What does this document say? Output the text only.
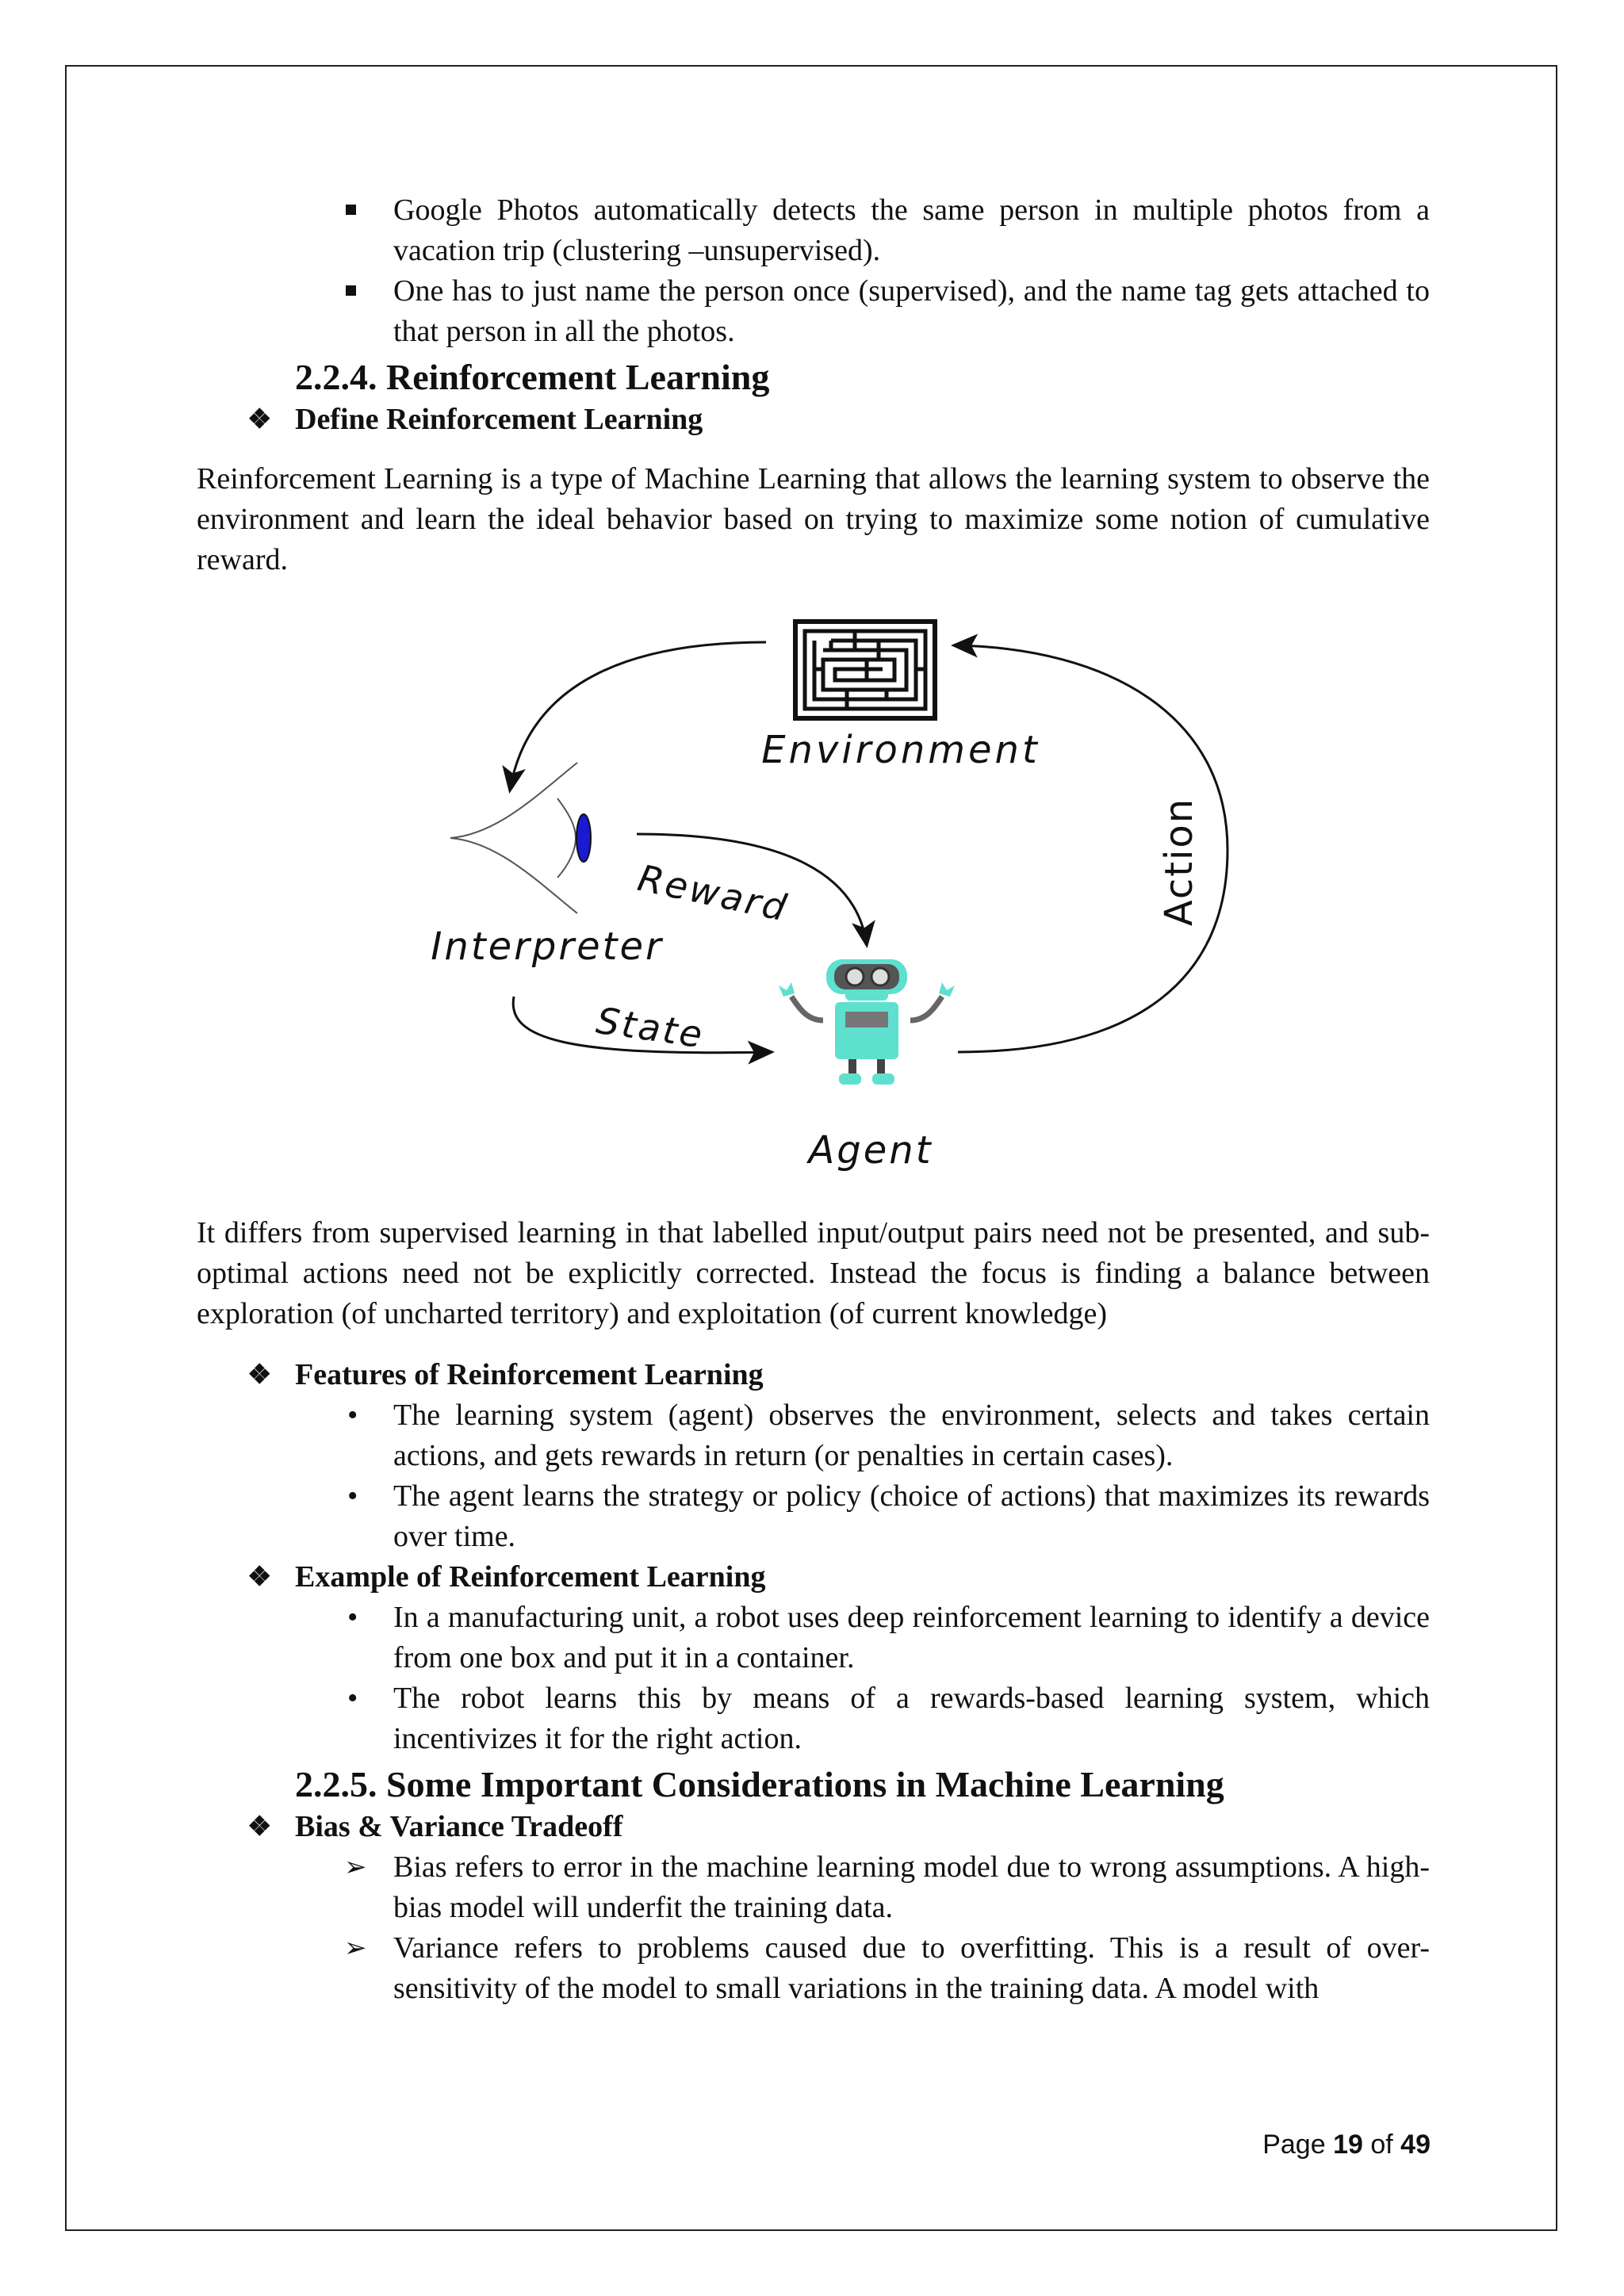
Google Photos automatically detects the same person in multiple photos from a vacation trip (clustering –unsupervised).
One has to just name the person once (supervised), and the name tag gets attached to that person in all the photos.
2.2.4. Reinforcement Learning
❖ Define Reinforcement Learning
Reinforcement Learning is a type of Machine Learning that allows the learning system to observe the environment and learn the ideal behavior based on trying to maximize some notion of cumulative reward.
Environment
Interpreter
Agent
Reward
State
Action
It differs from supervised learning in that labelled input/output pairs need not be presented, and sub-optimal actions need not be explicitly corrected. Instead the focus is finding a balance between exploration (of uncharted territory) and exploitation (of current knowledge)
❖ Features of Reinforcement Learning
• The learning system (agent) observes the environment, selects and takes certain actions, and gets rewards in return (or penalties in certain cases).
• The agent learns the strategy or policy (choice of actions) that maximizes its rewards over time.
❖ Example of Reinforcement Learning
• In a manufacturing unit, a robot uses deep reinforcement learning to identify a device from one box and put it in a container.
• The robot learns this by means of a rewards-based learning system, which incentivizes it for the right action.
2.2.5. Some Important Considerations in Machine Learning
❖ Bias & Variance Tradeoff
➢ Bias refers to error in the machine learning model due to wrong assumptions. A high-bias model will underfit the training data.
➢ Variance refers to problems caused due to overfitting. This is a result of over-sensitivity of the model to small variations in the training data. A model with
Page 19 of 49
